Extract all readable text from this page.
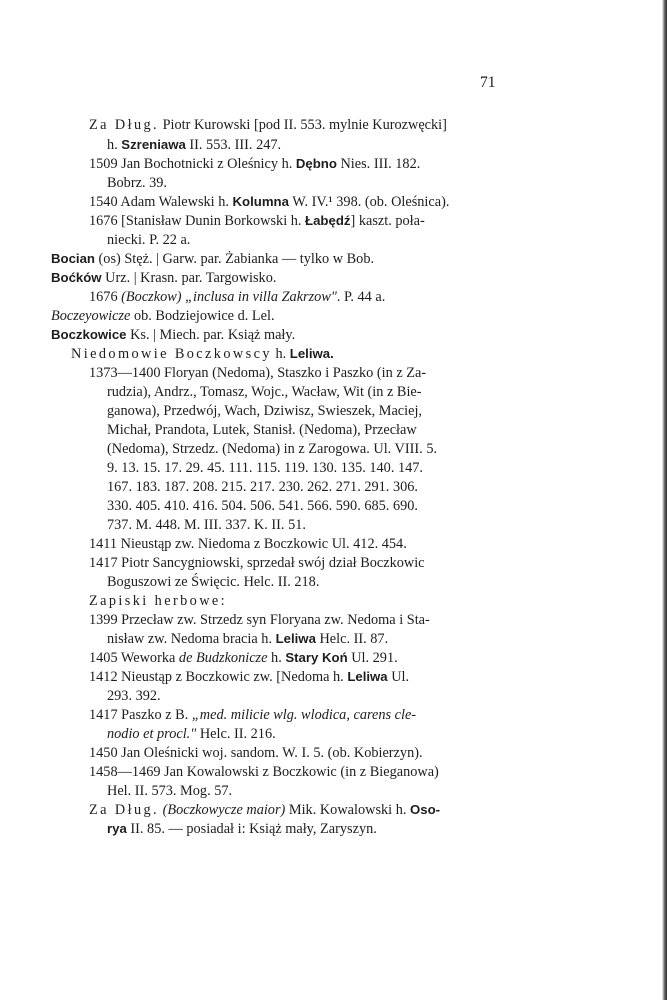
71
Za Dług. Piotr Kurowski [pod II. 553. mylnie Kurozwęcki]
h. Szreniawa II. 553. III. 247.
1509 Jan Bochotnicki z Oleśnicy h. Dębno Nies. III. 182.
Bobrz. 39.
1540 Adam Walewski h. Kolumna W. IV.¹ 398. (ob. Oleśnica).
1676 [Stanisław Dunin Borkowski h. Łabędź] kaszt. poła-
niecki. P. 22 a.
Bocian (os) Stęż. | Garw. par. Żabianka — tylko w Bob.
Boćków Urz. | Krasn. par. Targowisko.
1676 (Boczkow) „inclusa in villa Zakrzow". P. 44 a.
Boczeyowicze ob. Bodziejowice d. Lel.
Boczkowice Ks. | Miech. par. Książ mały.
Niedomowie Boczkowscy h. Leliwa.
1373—1400 Floryan (Nedoma), Staszko i Paszko (in z Za-
rudzia), Andrz., Tomasz, Wojc., Wacław, Wit (in z Bie-
ganowa), Przedwój, Wach, Dziwisz, Swieszek, Maciej,
Michał, Prandota, Lutek, Stanisł. (Nedoma), Przecław
(Nedoma), Strzedz. (Nedoma) in z Zarogowa. Ul. VIII. 5.
9. 13. 15. 17. 29. 45. 111. 115. 119. 130. 135. 140. 147.
167. 183. 187. 208. 215. 217. 230. 262. 271. 291. 306.
330. 405. 410. 416. 504. 506. 541. 566. 590. 685. 690.
737. M. 448. M. III. 337. K. II. 51.
1411 Nieustąp zw. Niedoma z Boczkowic Ul. 412. 454.
1417 Piotr Sancygniowski, sprzedał swój dział Boczkowic
Boguszowi ze Święcic. Helc. II. 218.
Zapiski herbowe:
1399 Przecław zw. Strzedz syn Floryana zw. Nedoma i Sta-
nisław zw. Nedoma bracia h. Leliwa Helc. II. 87.
1405 Weworka de Budzkonicze h. Stary Koń Ul. 291.
1412 Nieustąp z Boczkowic zw. [Nedoma h. Leliwa Ul.
293. 392.
1417 Paszko z B. „med. milicie wlg. wlodica, carens cle-
nodio et procl." Helc. II. 216.
1450 Jan Oleśnicki woj. sandom. W. I. 5. (ob. Kobierzyn).
1458—1469 Jan Kowalowski z Boczkowic (in z Bieganowa)
Hel. II. 573. Mog. 57.
Za Dług. (Boczkowycze maior) Mik. Kowalowski h. Oso-
rya II. 85. — posiadał i: Książ mały, Zaryszyn.
